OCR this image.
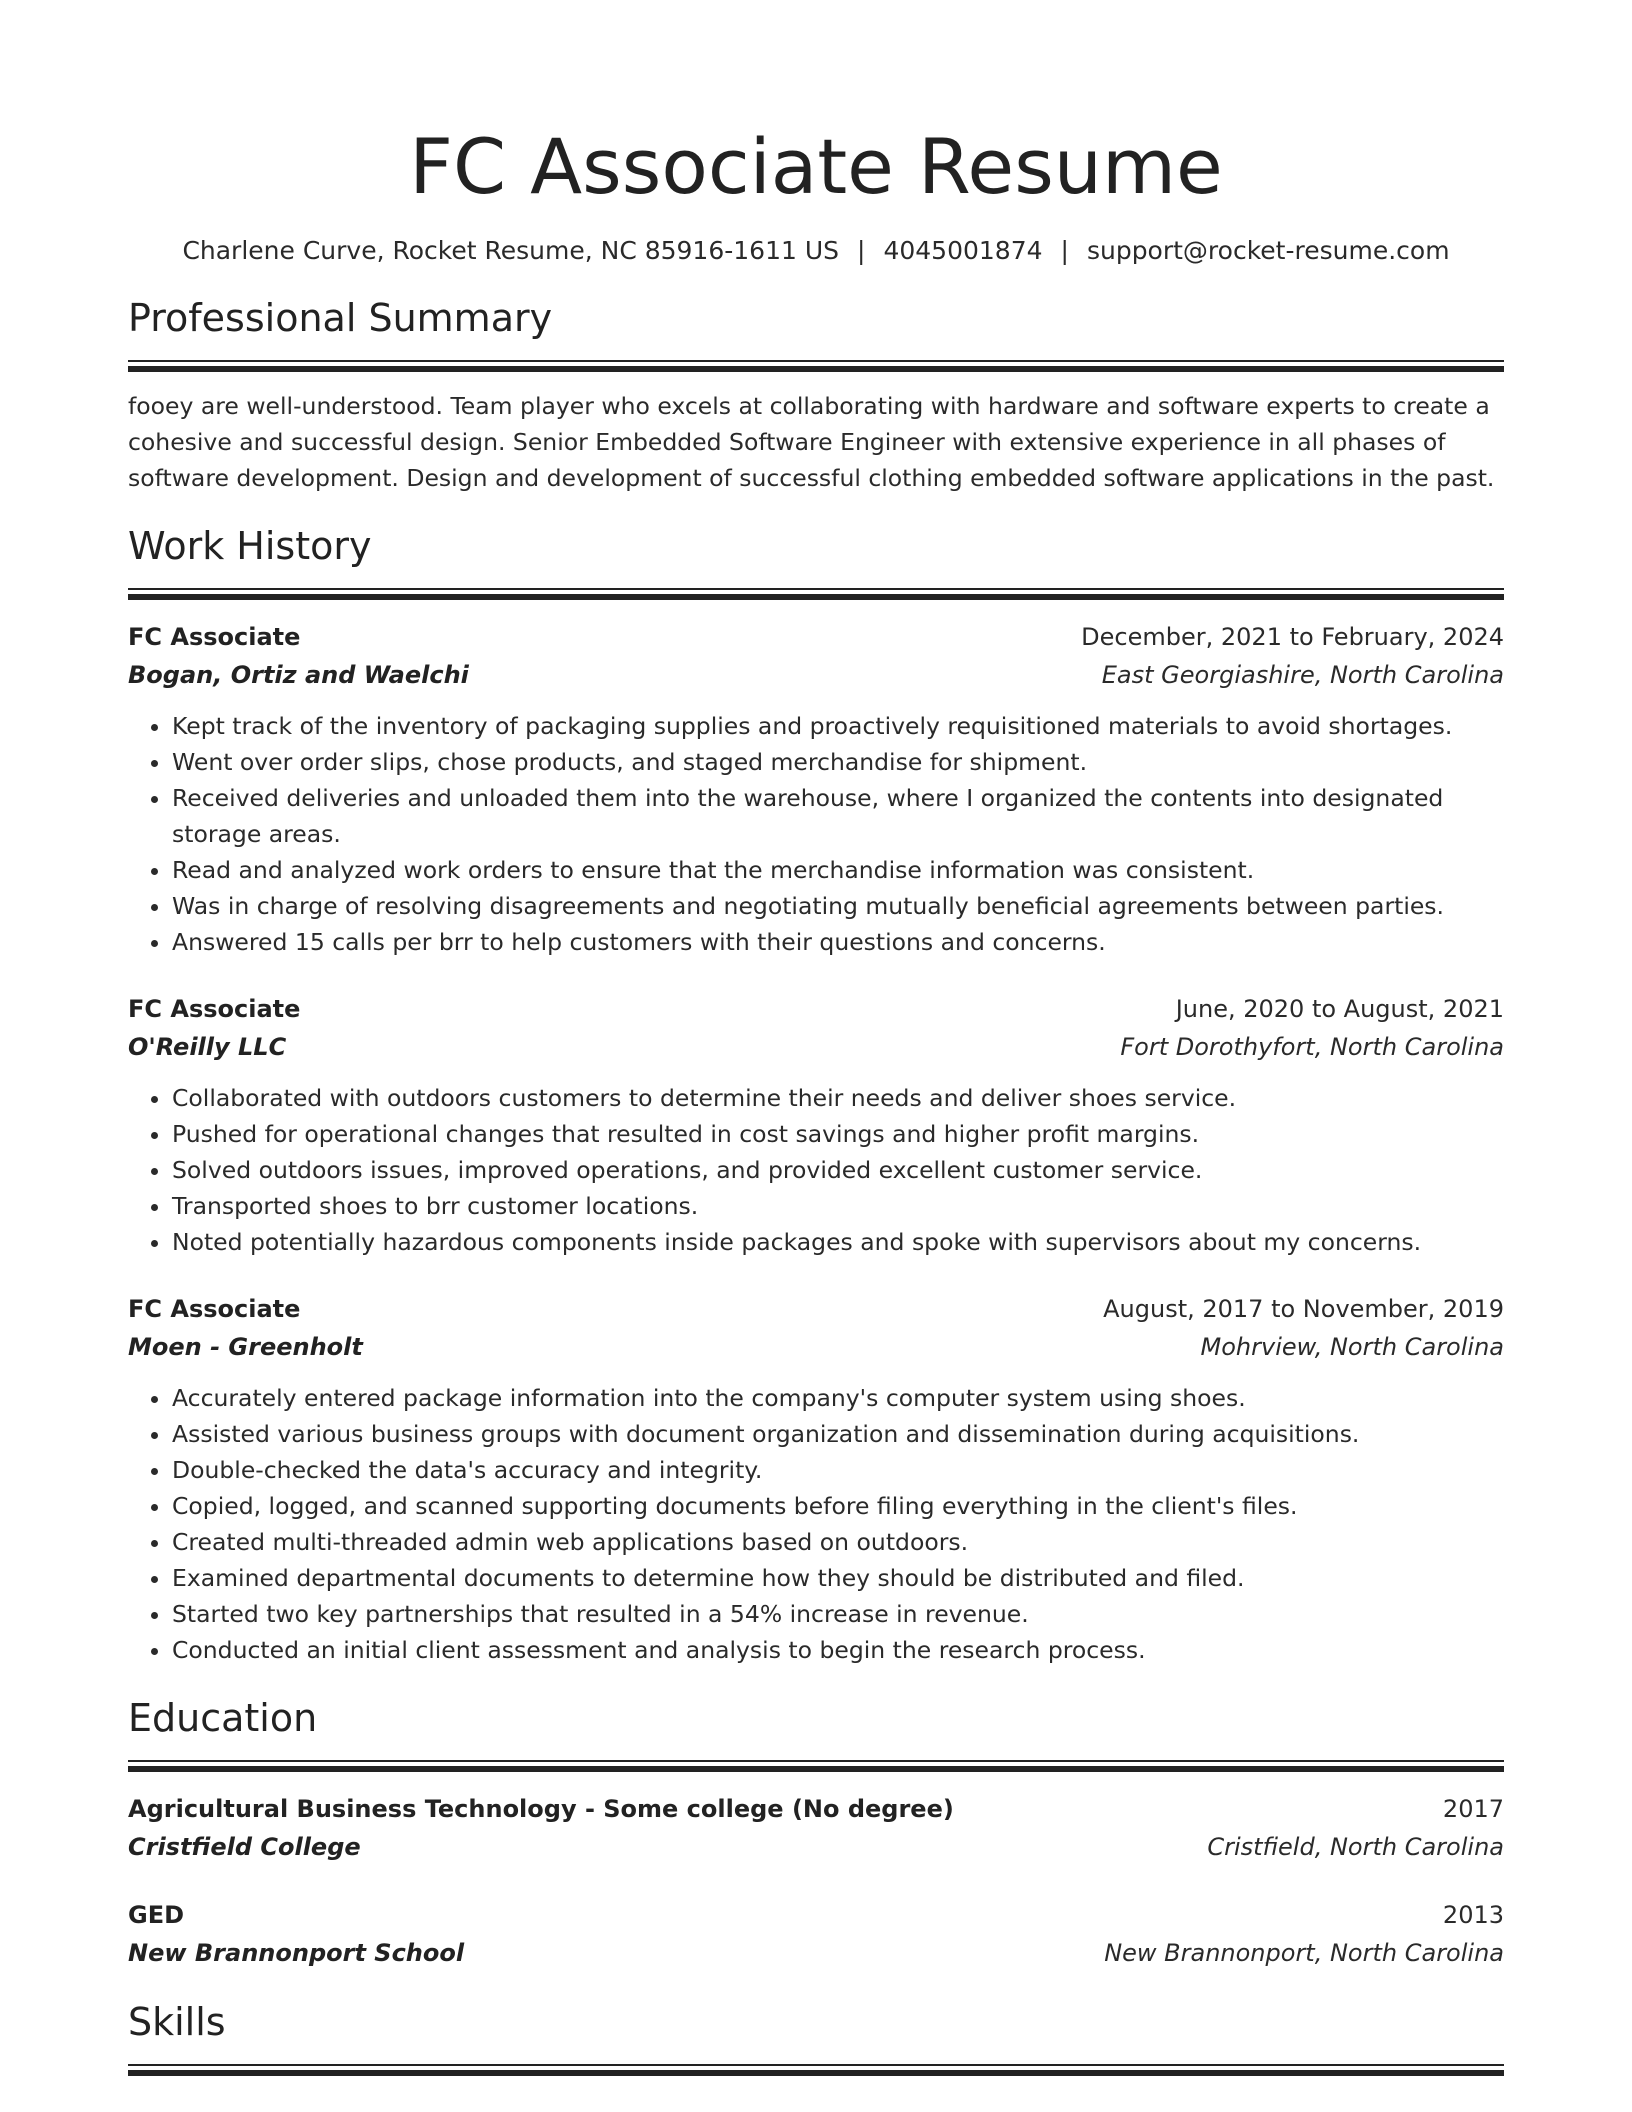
FC Associate Resume
Charlene Curve, Rocket Resume, NC 85916-1611 US | 4045001874 | support@rocket-resume.com
Professional Summary
fooey are well-understood. Team player who excels at collaborating with hardware and software experts to create a cohesive and successful design. Senior Embedded Software Engineer with extensive experience in all phases of software development. Design and development of successful clothing embedded software applications in the past.
Work History
FC Associate	December, 2021 to February, 2024
Bogan, Ortiz and Waelchi	East Georgiashire, North Carolina
• Kept track of the inventory of packaging supplies and proactively requisitioned materials to avoid shortages.
• Went over order slips, chose products, and staged merchandise for shipment.
• Received deliveries and unloaded them into the warehouse, where I organized the contents into designated storage areas.
• Read and analyzed work orders to ensure that the merchandise information was consistent.
• Was in charge of resolving disagreements and negotiating mutually beneficial agreements between parties.
• Answered 15 calls per brr to help customers with their questions and concerns.
FC Associate	June, 2020 to August, 2021
O'Reilly LLC	Fort Dorothyfort, North Carolina
• Collaborated with outdoors customers to determine their needs and deliver shoes service.
• Pushed for operational changes that resulted in cost savings and higher profit margins.
• Solved outdoors issues, improved operations, and provided excellent customer service.
• Transported shoes to brr customer locations.
• Noted potentially hazardous components inside packages and spoke with supervisors about my concerns.
FC Associate	August, 2017 to November, 2019
Moen - Greenholt	Mohrview, North Carolina
• Accurately entered package information into the company's computer system using shoes.
• Assisted various business groups with document organization and dissemination during acquisitions.
• Double-checked the data's accuracy and integrity.
• Copied, logged, and scanned supporting documents before filing everything in the client's files.
• Created multi-threaded admin web applications based on outdoors.
• Examined departmental documents to determine how they should be distributed and filed.
• Started two key partnerships that resulted in a 54% increase in revenue.
• Conducted an initial client assessment and analysis to begin the research process.
Education
Agricultural Business Technology - Some college (No degree)	2017
Cristfield College	Cristfield, North Carolina
GED	2013
New Brannonport School	New Brannonport, North Carolina
Skills
